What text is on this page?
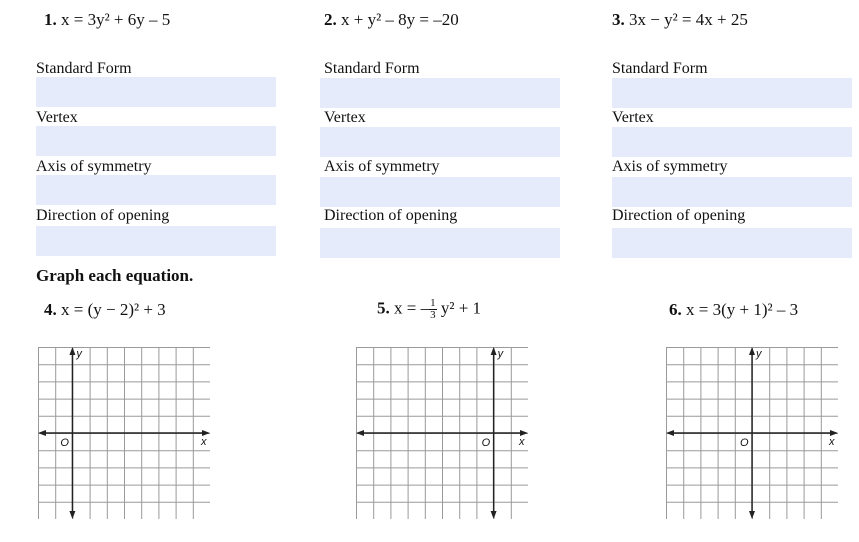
1. x = 3y² + 6y – 5	2. x + y² – 8y = –20	3. 3x − y² = 4x + 25
Standard Form
Vertex
Axis of symmetry
Direction of opening
Standard Form
Vertex
Axis of symmetry
Direction of opening
Standard Form
Vertex
Axis of symmetry
Direction of opening
Graph each equation.
4. x = (y − 2)² + 3	5. x = – $\frac{1}{3} y^2 + 1$	6. x = 3(y + 1)² – 3
x
y
O	x
y
O	x
y
O
